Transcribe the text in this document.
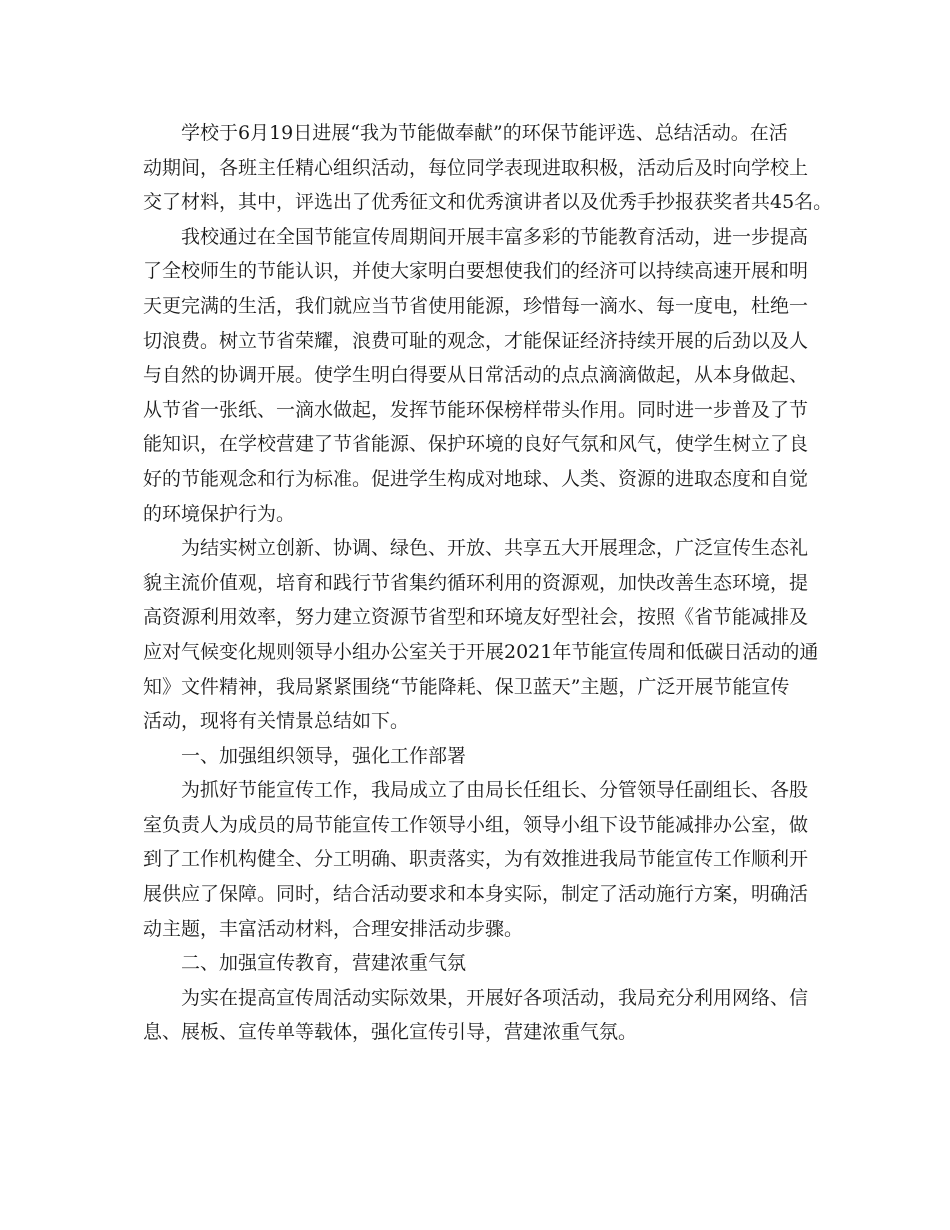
学校于6月19日进展“我为节能做奉献”的环保节能评选、总结活动。在活
动期间，各班主任精心组织活动，每位同学表现进取积极，活动后及时向学校上
交了材料，其中，评选出了优秀征文和优秀演讲者以及优秀手抄报获奖者共45名。
我校通过在全国节能宣传周期间开展丰富多彩的节能教育活动，进一步提高
了全校师生的节能认识，并使大家明白要想使我们的经济可以持续高速开展和明
天更完满的生活，我们就应当节省使用能源，珍惜每一滴水、每一度电，杜绝一
切浪费。树立节省荣耀，浪费可耻的观念，才能保证经济持续开展的后劲以及人
与自然的协调开展。使学生明白得要从日常活动的点点滴滴做起，从本身做起、
从节省一张纸、一滴水做起，发挥节能环保榜样带头作用。同时进一步普及了节
能知识，在学校营建了节省能源、保护环境的良好气氛和风气，使学生树立了良
好的节能观念和行为标准。促进学生构成对地球、人类、资源的进取态度和自觉
的环境保护行为。
为结实树立创新、协调、绿色、开放、共享五大开展理念，广泛宣传生态礼
貌主流价值观，培育和践行节省集约循环利用的资源观，加快改善生态环境，提
高资源利用效率，努力建立资源节省型和环境友好型社会，按照《省节能减排及
应对气候变化规则领导小组办公室关于开展2021年节能宣传周和低碳日活动的通
知》文件精神，我局紧紧围绕“节能降耗、保卫蓝天”主题，广泛开展节能宣传
活动，现将有关情景总结如下。
一、加强组织领导，强化工作部署
为抓好节能宣传工作，我局成立了由局长任组长、分管领导任副组长、各股
室负责人为成员的局节能宣传工作领导小组，领导小组下设节能减排办公室，做
到了工作机构健全、分工明确、职责落实，为有效推进我局节能宣传工作顺利开
展供应了保障。同时，结合活动要求和本身实际，制定了活动施行方案，明确活
动主题，丰富活动材料，合理安排活动步骤。
二、加强宣传教育，营建浓重气氛
为实在提高宣传周活动实际效果，开展好各项活动，我局充分利用网络、信
息、展板、宣传单等载体，强化宣传引导，营建浓重气氛。
